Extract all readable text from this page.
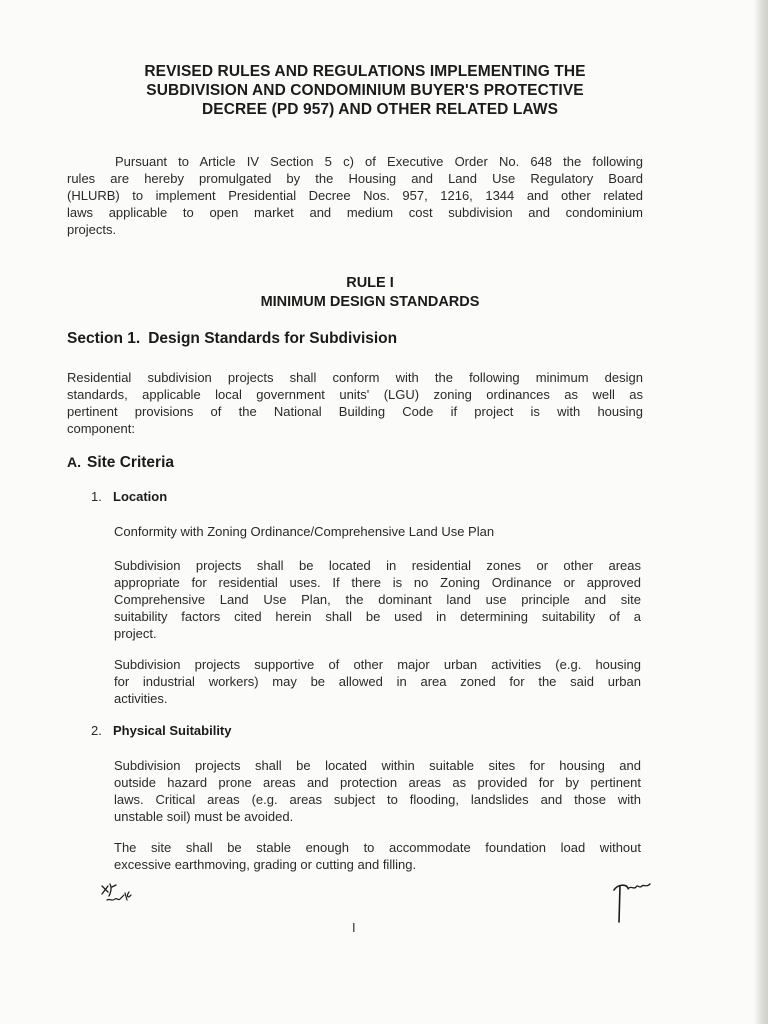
REVISED RULES AND REGULATIONS IMPLEMENTING THE
SUBDIVISION AND CONDOMINIUM BUYER'S PROTECTIVE
DECREE (PD 957) AND OTHER RELATED LAWS
Pursuant to Article IV Section 5 c) of Executive Order No. 648 the following
rules are hereby promulgated by the Housing and Land Use Regulatory Board
(HLURB) to implement Presidential Decree Nos. 957, 1216, 1344 and other related
laws applicable to open market and medium cost subdivision and condominium
projects.
RULE I
MINIMUM DESIGN STANDARDS
Section 1. Design Standards for Subdivision
Residential subdivision projects shall conform with the following minimum design
standards, applicable local government units' (LGU) zoning ordinances as well as
pertinent provisions of the National Building Code if project is with housing
component:
A. Site Criteria
1. Location
Conformity with Zoning Ordinance/Comprehensive Land Use Plan
Subdivision projects shall be located in residential zones or other areas
appropriate for residential uses. If there is no Zoning Ordinance or approved
Comprehensive Land Use Plan, the dominant land use principle and site
suitability factors cited herein shall be used in determining suitability of a
project.
Subdivision projects supportive of other major urban activities (e.g. housing
for industrial workers) may be allowed in area zoned for the said urban
activities.
2. Physical Suitability
Subdivision projects shall be located within suitable sites for housing and
outside hazard prone areas and protection areas as provided for by pertinent
laws. Critical areas (e.g. areas subject to flooding, landslides and those with
unstable soil) must be avoided.
The site shall be stable enough to accommodate foundation load without
excessive earthmoving, grading or cutting and filling.
I
